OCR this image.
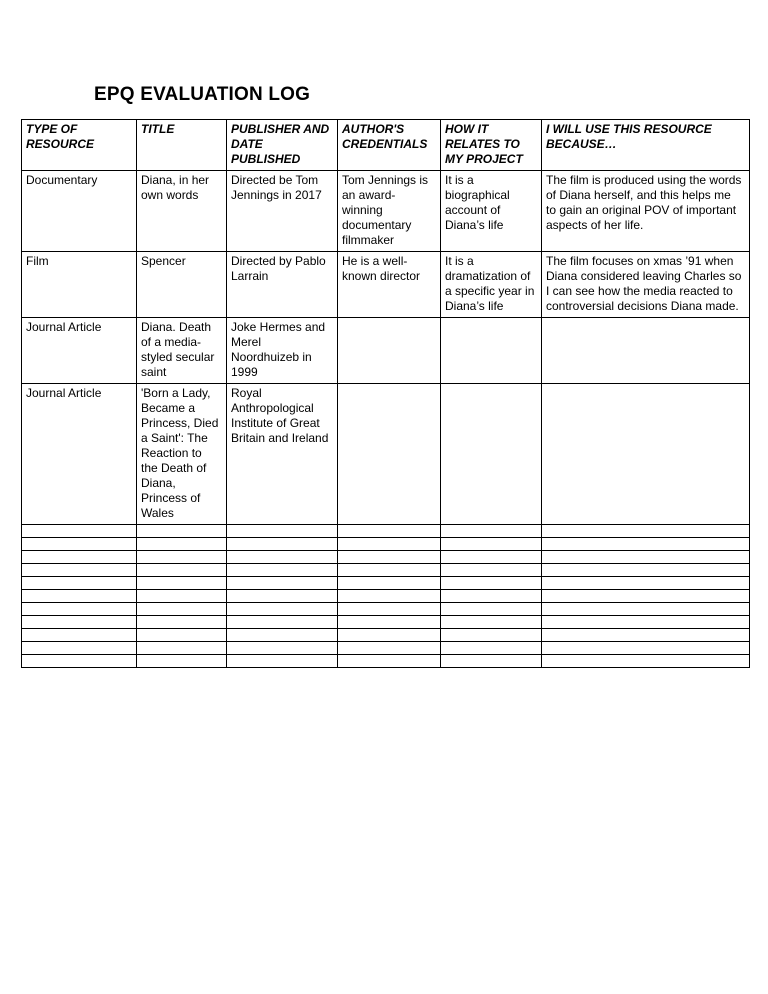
EPQ EVALUATION LOG
TYPE OF RESOURCE	TITLE	PUBLISHER AND DATE PUBLISHED	AUTHOR'S CREDENTIALS	HOW IT RELATES TO MY PROJECT	I WILL USE THIS RESOURCE BECAUSE…
Documentary	Diana, in her own words	Directed be Tom Jennings in 2017	Tom Jennings is an award-winning documentary filmmaker	It is a biographical account of Diana’s life	The film is produced using the words of Diana herself, and this helps me to gain an original POV of important aspects of her life.
Film	Spencer	Directed by Pablo Larrain	He is a well-known director	It is a dramatization of a specific year in Diana’s life	The film focuses on xmas ’91 when Diana considered leaving Charles so I can see how the media reacted to controversial decisions Diana made.
Journal Article	Diana. Death of a media-styled secular saint	Joke Hermes and Merel Noordhuizeb in 1999			
Journal Article	'Born a Lady, Became a Princess, Died a Saint': The Reaction to the Death of Diana, Princess of Wales	Royal Anthropological Institute of Great Britain and Ireland			
